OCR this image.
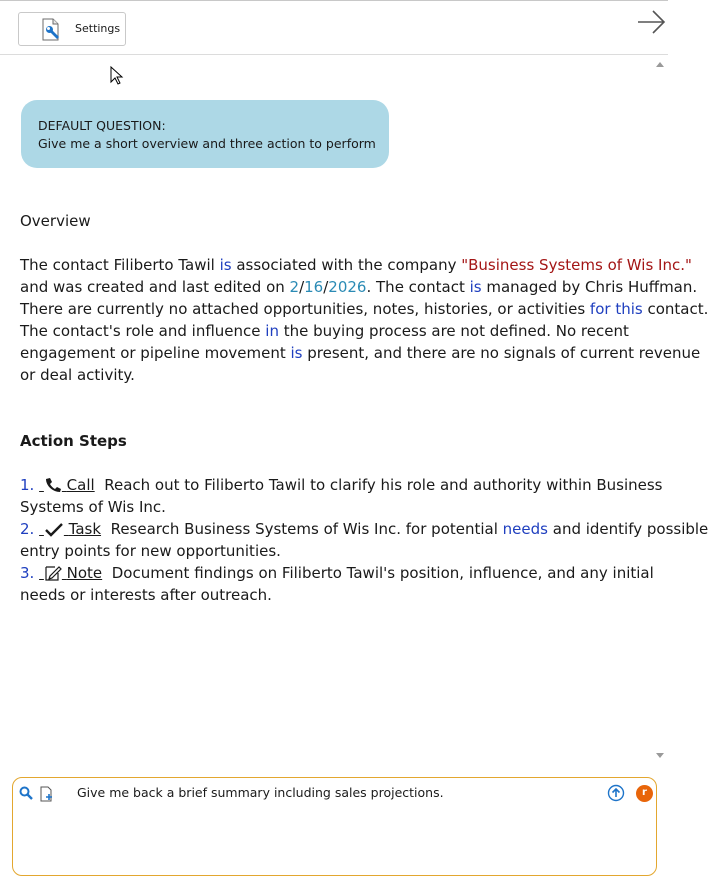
Settings
DEFAULT QUESTION:
Give me a short overview and three action to perform
Overview
The contact Filiberto Tawil is associated with the company "Business Systems of Wis Inc."
and was created and last edited on 2/16/2026. The contact is managed by Chris Huffman.
There are currently no attached opportunities, notes, histories, or activities for this contact.
The contact's role and influence in the buying process are not defined. No recent
engagement or pipeline movement is present, and there are no signals of current revenue
or deal activity.
Action Steps
1. Call Reach out to Filiberto Tawil to clarify his role and authority within Business
Systems of Wis Inc.
2. Task Research Business Systems of Wis Inc. for potential needs and identify possible
entry points for new opportunities.
3. Note Document findings on Filiberto Tawil's position, influence, and any initial
needs or interests after outreach.
Give me back a brief summary including sales projections.
r
